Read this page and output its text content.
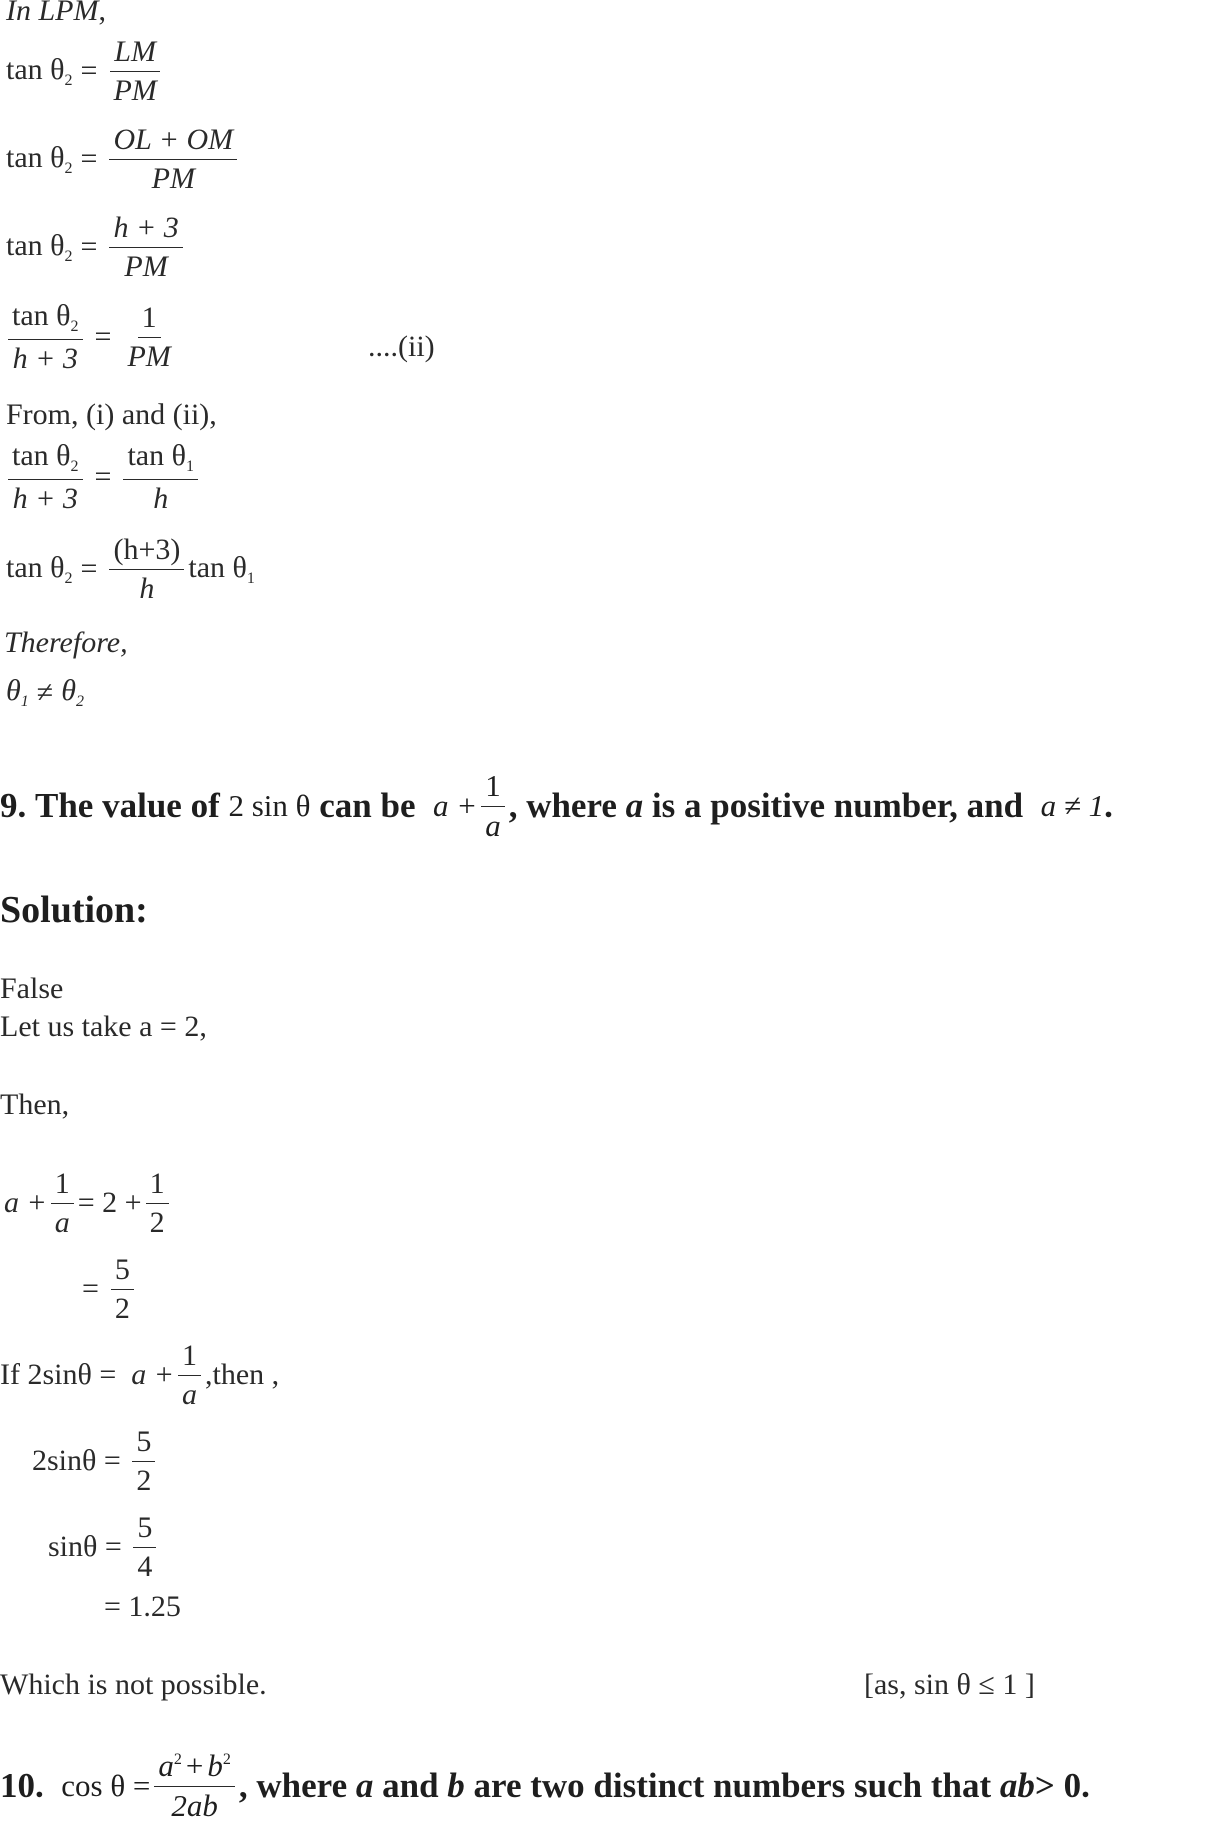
In LPM,
$\tan \theta_2 = \frac{LM}{PM}$
$\tan \theta_2 = \frac{OL + OM}{PM}$
$\tan \theta_2 = \frac{h + 3}{PM}$
$\frac{\tan \theta_2}{h + 3} = \frac{1}{PM}$	....(ii)
From, (i) and (ii),
$\frac{\tan \theta_2}{h + 3} = \frac{\tan \theta_1}{h}$
$\tan \theta_2 = \frac{(h+3)}{h}$ $\tan \theta_1$
Therefore,
$\theta_1 \ne \theta_2$
9.
The value of
2 sin θ
can be
$a + \frac{1}{a}$ , where
a
is a positive number, and
a ≠ 1 .
Solution:
False
Let us take a = 2,
Then,
$a + \frac{1}{a} = 2 + \frac{1}{2}$
= $\frac{5}{2}$
If 2sinθ =
$a + \frac{1}{a}$ ,then ,
2sinθ =
$\frac{5}{2}$
sinθ =
$\frac{5}{4}$
= 1.25
Which is not possible.	[as, sin θ ≤ 1 ]
10.
$\cos \theta = \frac{a^2 + b^2}{2ab}$ , where
a
and
b
are two distinct numbers such that
ab > 0.
